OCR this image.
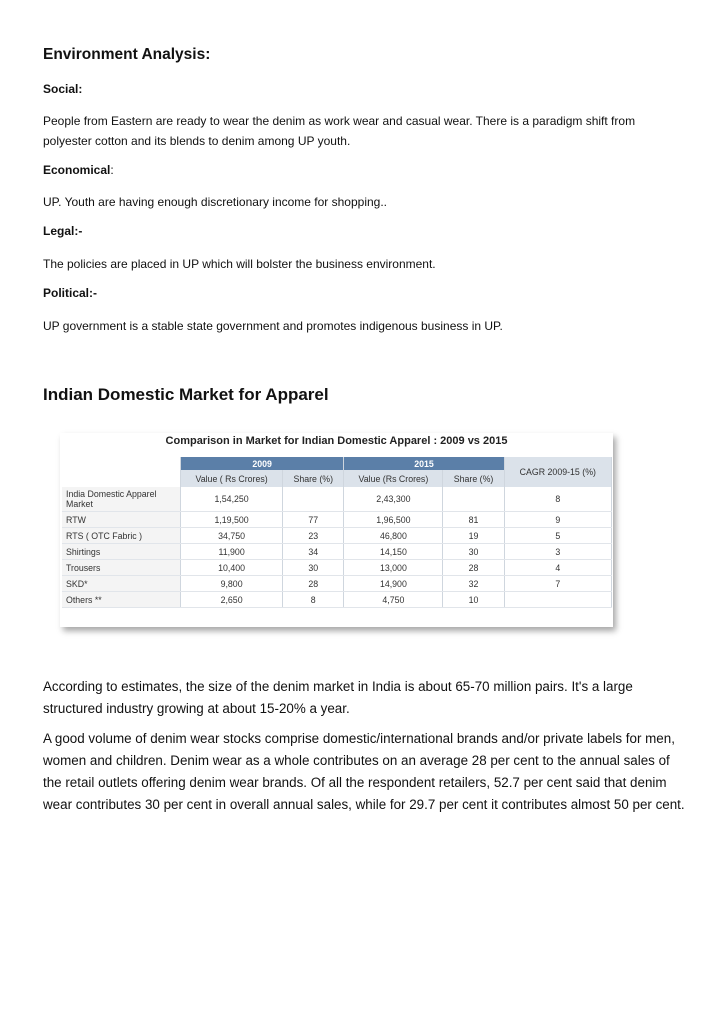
Environment Analysis:
Social:
People from Eastern are ready to wear the denim as work wear and casual wear. There is a paradigm shift from polyester cotton and its blends to denim among UP youth.
Economical:
UP. Youth are having enough discretionary income for shopping..
Legal:-
The policies are placed in UP which will bolster the business environment.
Political:-
UP government is a stable state government and promotes indigenous business in UP.
Indian Domestic Market for Apparel
Comparison in Market for Indian Domestic Apparel : 2009 vs 2015
	2009		2015		CAGR 2009-15 (%)
	Value ( Rs Crores)	Share (%)	Value (Rs Crores)	Share (%)	
India Domestic Apparel Market	1,54,250		2,43,300		8
RTW	1,19,500	77	1,96,500	81	9
RTS ( OTC Fabric )	34,750	23	46,800	19	5
Shirtings	11,900	34	14,150	30	3
Trousers	10,400	30	13,000	28	4
SKD*	9,800	28	14,900	32	7
Others **	2,650	8	4,750	10	
According to estimates, the size of the denim market in India is about 65-70 million pairs. It's a large structured industry growing at about 15-20% a year.
A good volume of denim wear stocks comprise domestic/international brands and/or private labels for men, women and children. Denim wear as a whole contributes on an average 28 per cent to the annual sales of the retail outlets offering denim wear brands. Of all the respondent retailers, 52.7 per cent said that denim wear contributes 30 per cent in overall annual sales, while for 29.7 per cent it contributes almost 50 per cent.
